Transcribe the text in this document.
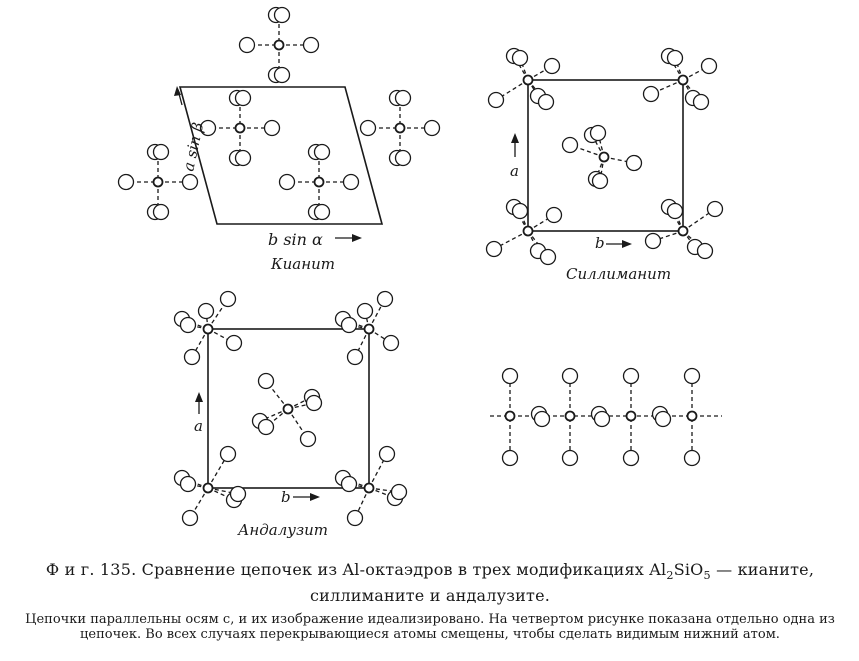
a sin β
b sin α
Кианит
a
b
Силлиманит
a
b
Андалузит
Ф и г. 135. Сравнение цепочек из Al-октаэдров в трех модификациях $Al_2SiO_5$ — кианите, силлиманите и андалузите.
Цепочки параллельны осям c, и их изображение идеализировано. На четвертом рисунке показана отдельно одна из цепочек. Во всех случаях перекрывающиеся атомы смещены, чтобы сделать видимым нижний атом.
